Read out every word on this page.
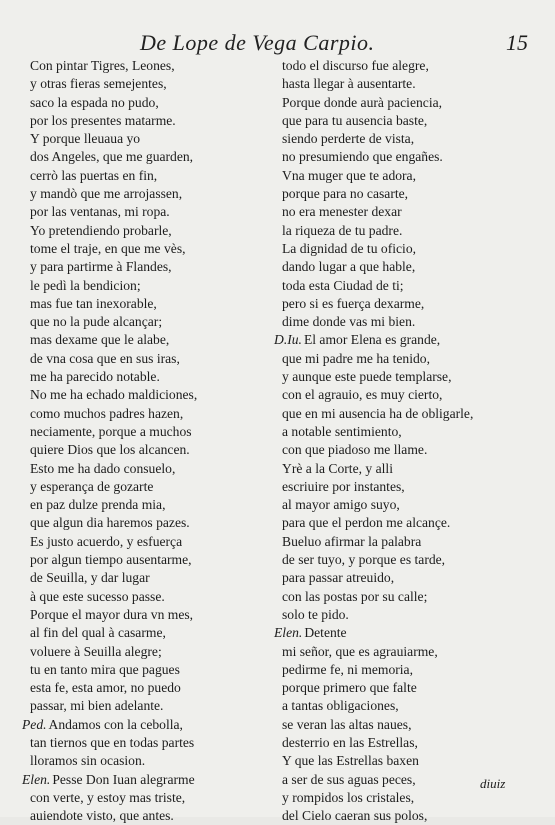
De Lope de Vega Carpio.	15
Con pintar Tigres, Leones,
y otras fieras semejentes,
saco la espada no pudo,
por los presentes matarme.
Y porque lleuaua yo
dos Angeles, que me guarden,
cerrò las puertas en fin,
y mandò que me arrojassen,
por las ventanas, mi ropa.
Yo pretendiendo probarle,
tome el traje, en que me vès,
y para partirme à Flandes,
le pedì la bendicion;
mas fue tan inexorable,
que no la pude alcançar;
mas dexame que le alabe,
de vna cosa que en sus iras,
me ha parecido notable.
No me ha echado maldiciones,
como muchos padres hazen,
neciamente, porque a muchos
quiere Dios que los alcancen.
Esto me ha dado consuelo,
y esperança de gozarte
en paz dulze prenda mia,
que algun dia haremos pazes.
Es justo acuerdo, y esfuerça
por algun tiempo ausentarme,
de Seuilla, y dar lugar
à que este sucesso passe.
Porque el mayor dura vn mes,
al fin del qual à casarme,
voluere à Seuilla alegre;
tu en tanto mira que pagues
esta fe, esta amor, no puedo
passar, mi bien adelante.
Ped. Andamos con la cebolla,
tan tiernos que en todas partes
lloramos sin ocasion.
Elen. Pesse Don Iuan alegrarme
con verte, y estoy mas triste,
auiendote visto, que antes.
todo el discurso fue alegre,
hasta llegar à ausentarte.
Porque donde aurà paciencia,
que para tu ausencia baste,
siendo perderte de vista,
no presumiendo que engañes.
Vna muger que te adora,
porque para no casarte,
no era menester dexar
la riqueza de tu padre.
La dignidad de tu oficio,
dando lugar a que hable,
toda esta Ciudad de ti;
pero si es fuerça dexarme,
dime donde vas mi bien.
D.Iu. El amor Elena es grande,
que mi padre me ha tenido,
y aunque este puede templarse,
con el agrauio, es muy cierto,
que en mi ausencia ha de obligarle,
a notable sentimiento,
con que piadoso me llame.
Yrè a la Corte, y alli
escriuire por instantes,
al mayor amigo suyo,
para que el perdon me alcançe.
Bueluo afirmar la palabra
de ser tuyo, y porque es tarde,
para passar atreuido,
con las postas por su calle;
solo te pido.
Elen. Detente
mi señor, que es agrauiarme,
pedirme fe, ni memoria,
porque primero que falte
a tantas obligaciones,
se veran las altas naues,
desterrio en las Estrellas,
Y que las Estrellas baxen
a ser de sus aguas peces,
y rompidos los cristales,
del Cielo caeran sus polos,
diuiz
